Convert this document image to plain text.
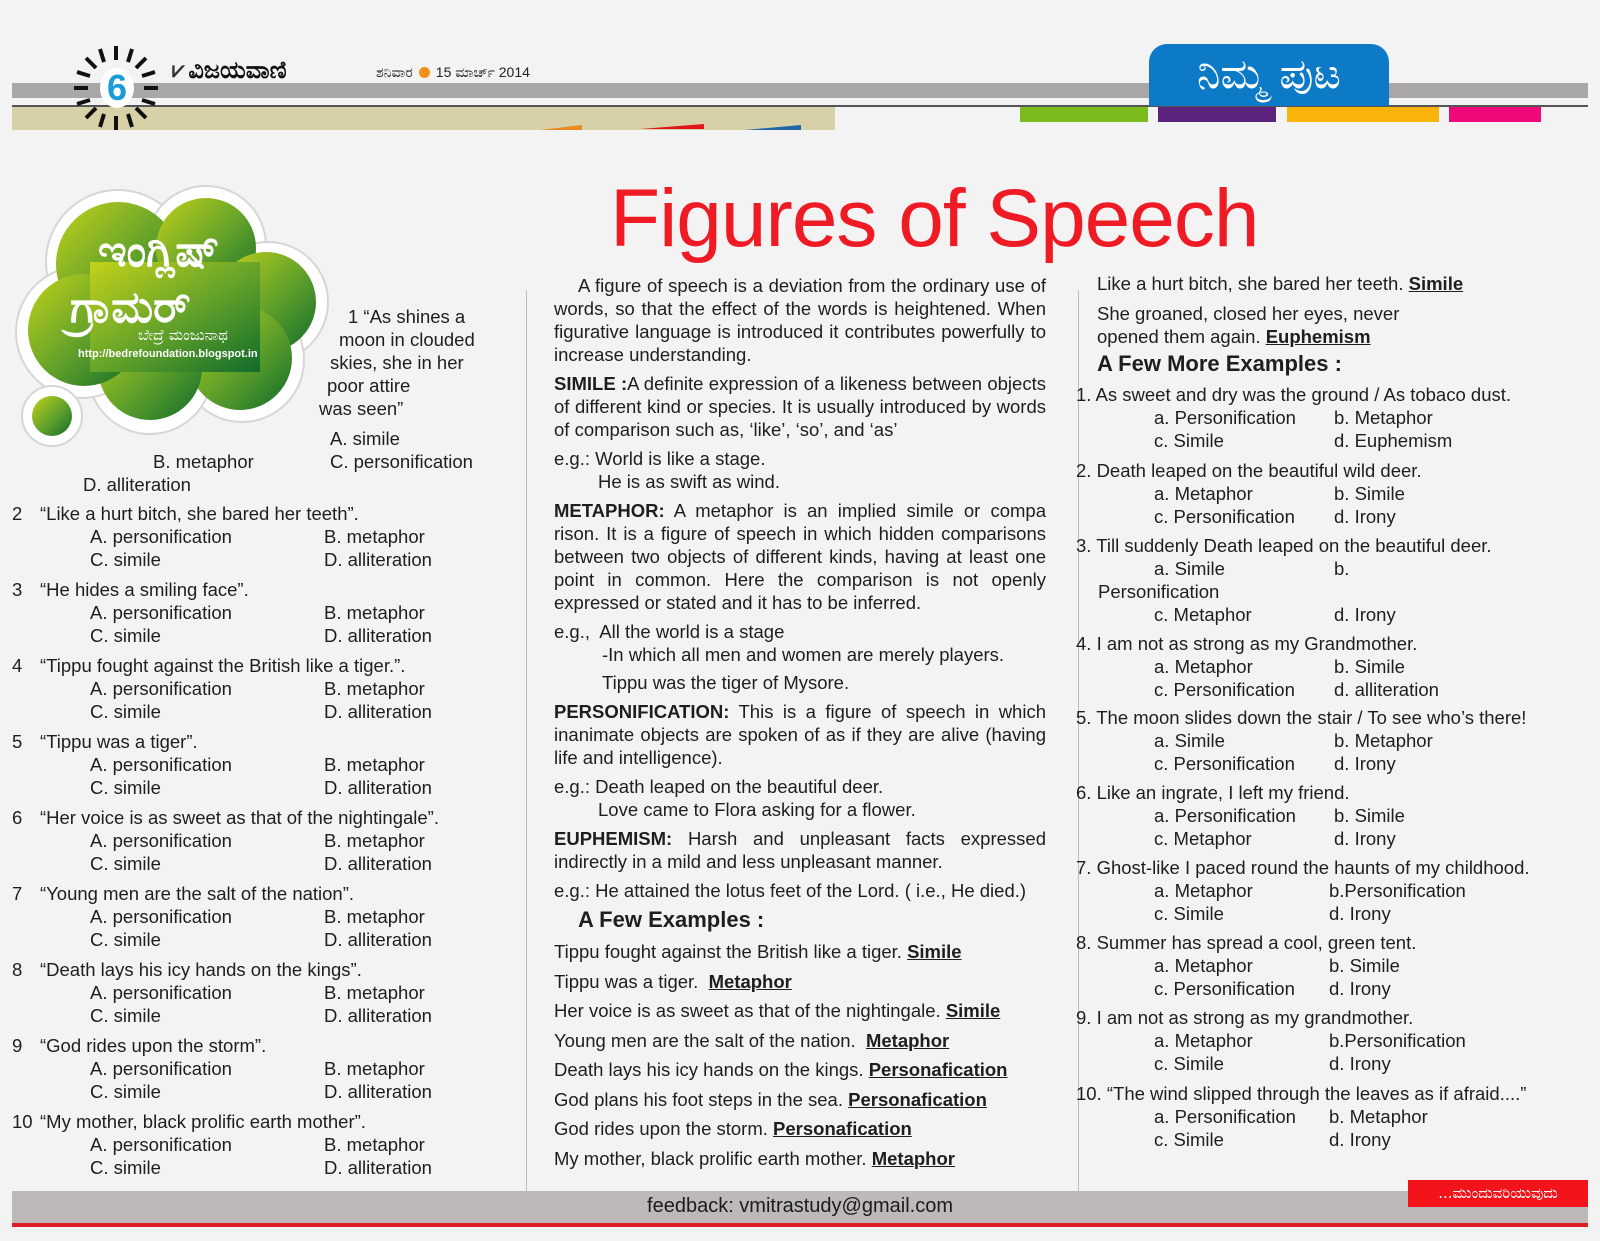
6	⩗ ವಿಜಯವಾಣಿ	ಶನಿವಾರ 15 ಮಾರ್ಚ್ 2014	ನಿಮ್ಮ ಪುಟ
Figures of Speech
ಇಂಗ್ಲಿಷ್
ಗ್ರಾಮರ್
ಬೇದ್ರೆ ಮಂಜುನಾಥ
http://bedrefoundation.blogspot.in
1 “As shines a
moon in clouded
skies, she in her
poor attire
was seen”
A. simile
B. metaphor	C. personification
D. alliteration
2 “Like a hurt bitch, she bared her teeth”.
A. personification	B. metaphor
C. simile	D. alliteration
3 “He hides a smiling face”.
A. personification	B. metaphor
C. simile	D. alliteration
4 “Tippu fought against the British like a tiger.”.
A. personification	B. metaphor
C. simile	D. alliteration
5 “Tippu was a tiger”.
A. personification	B. metaphor
C. simile	D. alliteration
6 “Her voice is as sweet as that of the nightingale”.
A. personification	B. metaphor
C. simile	D. alliteration
7 “Young men are the salt of the nation”.
A. personification	B. metaphor
C. simile	D. alliteration
8 “Death lays his icy hands on the kings”.
A. personification	B. metaphor
C. simile	D. alliteration
9 “God rides upon the storm”.
A. personification	B. metaphor
C. simile	D. alliteration
10 “My mother, black prolific earth mother”.
A. personification	B. metaphor
C. simile	D. alliteration

A figure of speech is a deviation from the ordinary use of words, so that the effect of the words is heightened. When figurative language is introduced it contributes powerfully to increase understanding.

SIMILE :A definite expression of a likeness between objects of different kind or species. It is usually introduced by words of comparison such as, ‘like’, ‘so’, and ‘as’

e.g.: World is like a stage.
He is as swift as wind.

METAPHOR: A metaphor is an implied simile or compa rison. It is a figure of speech in which hidden comparisons between two objects of different kinds, having at least one point in common. Here the comparison is not openly expressed or stated and it has to be inferred.

e.g., All the world is a stage
-In which all men and women are merely players.
Tippu was the tiger of Mysore.

PERSONIFICATION: This is a figure of speech in which inanimate objects are spoken of as if they are alive (having life and intelligence).

e.g.: Death leaped on the beautiful deer.
Love came to Flora asking for a flower.

EUPHEMISM: Harsh and unpleasant facts expressed indirectly in a mild and less unpleasant manner.

e.g.: He attained the lotus feet of the Lord. ( i.e., He died.)

A Few Examples :
Tippu fought against the British like a tiger. Simile
Tippu was a tiger. Metaphor
Her voice is as sweet as that of the nightingale. Simile
Young men are the salt of the nation. Metaphor
Death lays his icy hands on the kings. Personafication
God plans his foot steps in the sea. Personafication
God rides upon the storm. Personafication
My mother, black prolific earth mother. Metaphor
Like a hurt bitch, she bared her teeth. Simile
She groaned, closed her eyes, never
opened them again. Euphemism
A Few More Examples :
1. As sweet and dry was the ground / As tobaco dust.
a. Personification	b. Metaphor
c. Simile	d. Euphemism
2. Death leaped on the beautiful wild deer.
a. Metaphor	b. Simile
c. Personification	d. Irony
3. Till suddenly Death leaped on the beautiful deer.
a. Simile	b.
Personification
c. Metaphor	d. Irony
4. I am not as strong as my Grandmother.
a. Metaphor	b. Simile
c. Personification	d. alliteration
5. The moon slides down the stair / To see who’s there!
a. Simile	b. Metaphor
c. Personification	d. Irony
6. Like an ingrate, I left my friend.
a. Personification	b. Simile
c. Metaphor	d. Irony
7. Ghost-like I paced round the haunts of my childhood.
a. Metaphor	b.Personification
c. Simile	d. Irony
8. Summer has spread a cool, green tent.
a. Metaphor	b. Simile
c. Personification	d. Irony
9. I am not as strong as my grandmother.
a. Metaphor	b.Personification
c. Simile	d. Irony
10. “The wind slipped through the leaves as if afraid....”
a. Personification	b. Metaphor
c. Simile	d. Irony
feedback: vmitrastudy@gmail.com
...ಮುಂದುವರಿಯುವುದು
